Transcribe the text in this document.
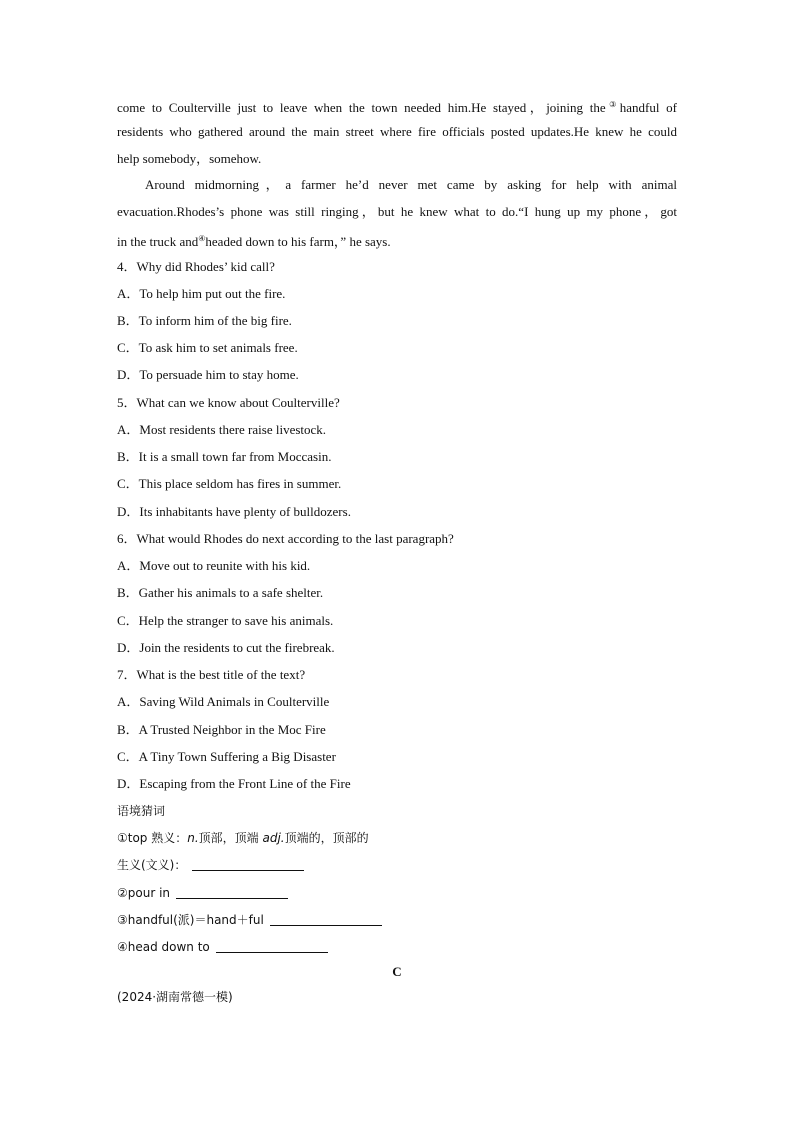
come to Coulterville just to leave when the town needed him.He stayed，joining the③handful of
residents who gathered around the main street where fire officials posted updates.He knew he could
help somebody，somehow.
Around midmorning，a farmer he’d never met came by asking for help with animal
evacuation.Rhodes’s phone was still ringing，but he knew what to do.“I hung up my phone，got
in the truck and④headed down to his farm，” he says.
4．Why did Rhodes’ kid call?
A．To help him put out the fire.
B．To inform him of the big fire.
C．To ask him to set animals free.
D．To persuade him to stay home.
5．What can we know about Coulterville?
A．Most residents there raise livestock.
B．It is a small town far from Moccasin.
C．This place seldom has fires in summer.
D．Its inhabitants have plenty of bulldozers.
6．What would Rhodes do next according to the last paragraph?
A．Move out to reunite with his kid.
B．Gather his animals to a safe shelter.
C．Help the stranger to save his animals.
D．Join the residents to cut the firebreak.
7．What is the best title of the text?
A．Saving Wild Animals in Coulterville
B．A Trusted Neighbor in the Moc Fire
C．A Tiny Town Suffering a Big Disaster
D．Escaping from the Front Line of the Fire
语境猜词
①top 熟义：n.顶部，顶端 adj.顶端的，顶部的
生义(文义)：
②pour in
③handful(派)＝hand＋ful
④head down to
C
(2024·湖南常德一模)
